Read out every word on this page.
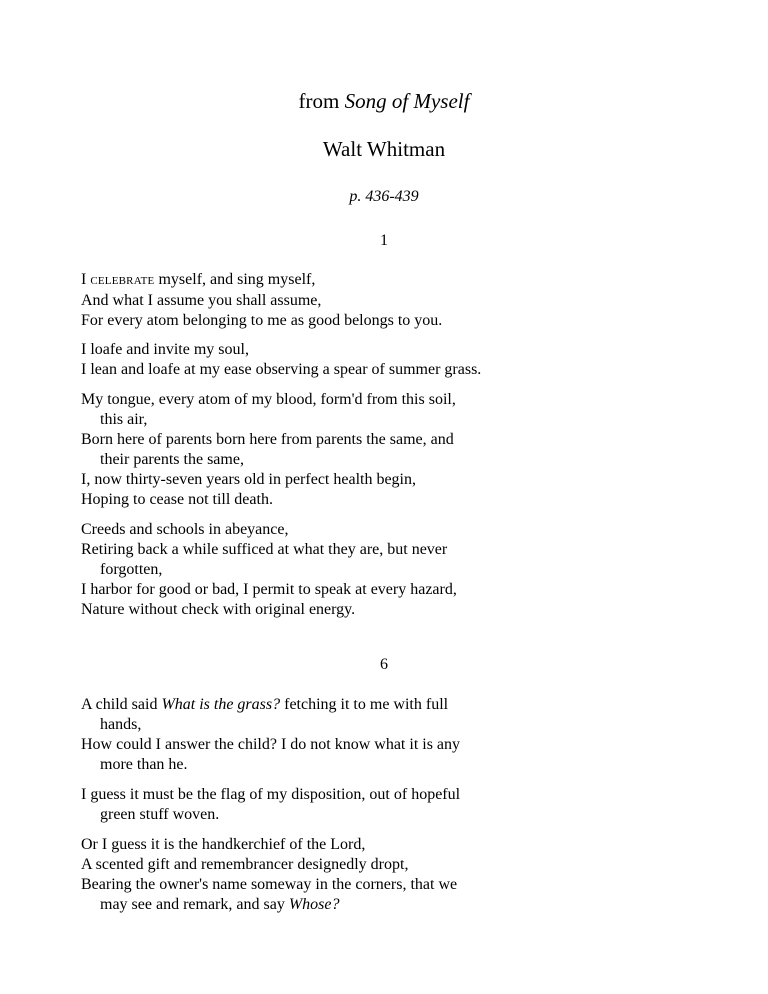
from Song of Myself
Walt Whitman
p. 436-439
1
I CELEBRATE myself, and sing myself,
And what I assume you shall assume,
For every atom belonging to me as good belongs to you.
I loafe and invite my soul,
I lean and loafe at my ease observing a spear of summer grass.
My tongue, every atom of my blood, form'd from this soil,
this air,
Born here of parents born here from parents the same, and
their parents the same,
I, now thirty-seven years old in perfect health begin,
Hoping to cease not till death.
Creeds and schools in abeyance,
Retiring back a while sufficed at what they are, but never
forgotten,
I harbor for good or bad, I permit to speak at every hazard,
Nature without check with original energy.
6
A child said What is the grass? fetching it to me with full
hands,
How could I answer the child? I do not know what it is any
more than he.
I guess it must be the flag of my disposition, out of hopeful
green stuff woven.
Or I guess it is the handkerchief of the Lord,
A scented gift and remembrancer designedly dropt,
Bearing the owner's name someway in the corners, that we
may see and remark, and say Whose?
